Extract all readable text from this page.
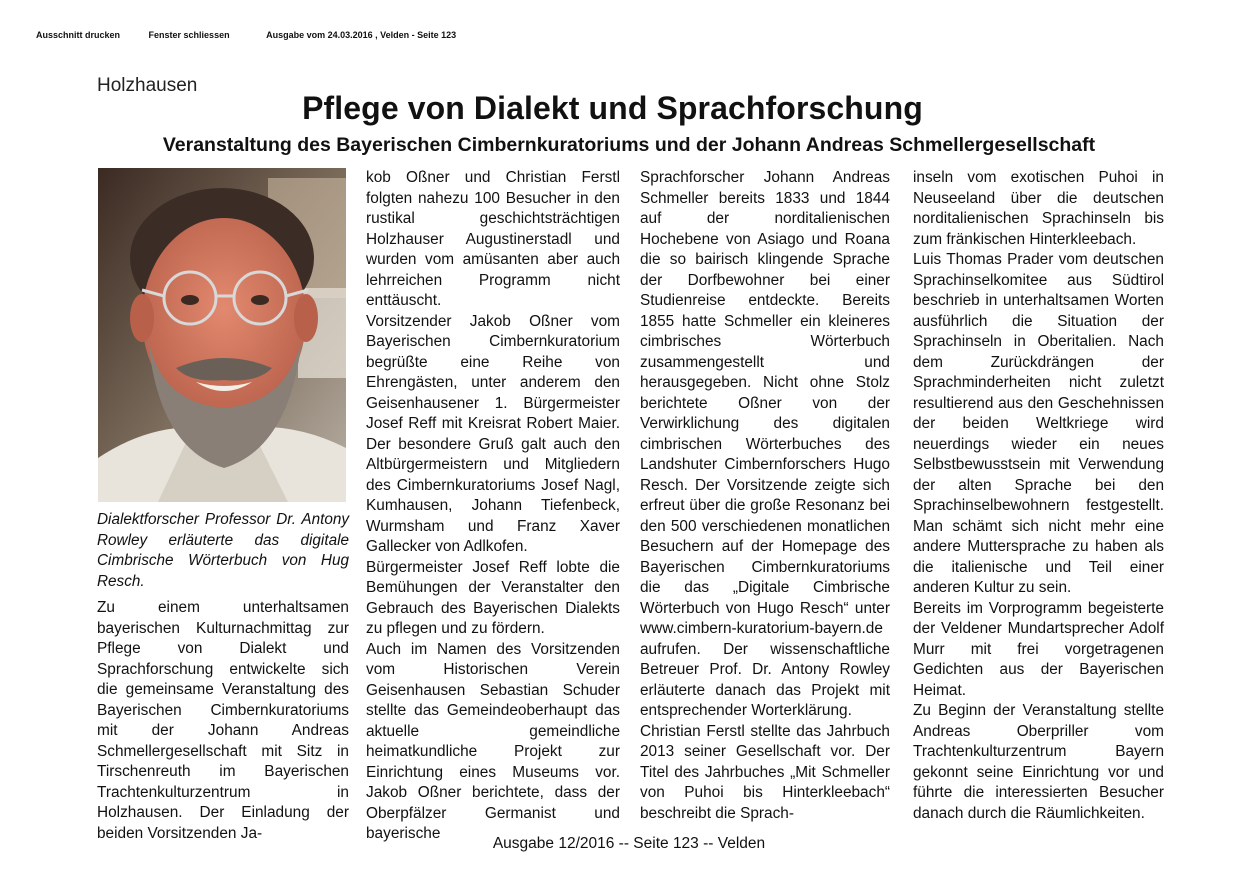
Ausschnitt drucken	Fenster schliessen	Ausgabe vom 24.03.2016 , Velden - Seite 123
Holzhausen
Pflege von Dialekt und Sprachforschung
Veranstaltung des Bayerischen Cimbernkuratoriums und der Johann Andreas Schmellergesellschaft
Dialektforscher Professor Dr. Antony Rowley erläuterte das digitale Cimbrische Wörterbuch von Hug Resch.

Zu einem unterhaltsamen bayerischen Kulturnachmittag zur Pflege von Dialekt und Sprachforschung entwickelte sich die gemeinsame Veranstaltung des Bayerischen Cimbernkuratoriums mit der Johann Andreas Schmellergesellschaft mit Sitz in Tirschenreuth im Bayerischen Trachtenkulturzentrum in Holzhausen. Der Einladung der beiden Vorsitzenden Ja-

kob Oßner und Christian Ferstl folgten nahezu 100 Besucher in den rustikal geschichtsträchtigen Holzhauser Augustinerstadl und wurden vom amüsanten aber auch lehrreichen Programm nicht enttäuscht.

Vorsitzender Jakob Oßner vom Bayerischen Cimbernkuratorium begrüßte eine Reihe von Ehrengästen, unter anderem den Geisenhausener 1. Bürgermeister Josef Reff mit Kreisrat Robert Maier. Der besondere Gruß galt auch den Altbürgermeistern und Mitgliedern des Cimbernkuratoriums Josef Nagl, Kumhausen, Johann Tiefenbeck, Wurmsham und Franz Xaver Gallecker von Adlkofen.

Bürgermeister Josef Reff lobte die Bemühungen der Veranstalter den Gebrauch des Bayerischen Dialekts zu pflegen und zu fördern.

Auch im Namen des Vorsitzenden vom Historischen Verein Geisenhausen Sebastian Schuder stellte das Gemeindeoberhaupt das aktuelle gemeindliche heimatkundliche Projekt zur Einrichtung eines Museums vor. Jakob Oßner berichtete, dass der Oberpfälzer Germanist und bayerische

Sprachforscher Johann Andreas Schmeller bereits 1833 und 1844 auf der norditalienischen Hochebene von Asiago und Roana die so bairisch klingende Sprache der Dorfbewohner bei einer Studienreise entdeckte. Bereits 1855 hatte Schmeller ein kleineres cimbrisches Wörterbuch zusammengestellt und herausgegeben. Nicht ohne Stolz berichtete Oßner von der Verwirklichung des digitalen cimbrischen Wörterbuches des Landshuter Cimbernforschers Hugo Resch. Der Vorsitzende zeigte sich erfreut über die große Resonanz bei den 500 verschiedenen monatlichen Besuchern auf der Homepage des Bayerischen Cimbernkuratoriums die das „Digitale Cimbrische Wörterbuch von Hugo Resch“ unter www.cimbern-kuratorium-bayern.de aufrufen. Der wissenschaftliche Betreuer Prof. Dr. Antony Rowley erläuterte danach das Projekt mit entsprechender Worterklärung.

Christian Ferstl stellte das Jahrbuch 2013 seiner Gesellschaft vor. Der Titel des Jahrbuches „Mit Schmeller von Puhoi bis Hinterkleebach“ beschreibt die Sprach-

inseln vom exotischen Puhoi in Neuseeland über die deutschen norditalienischen Sprachinseln bis zum fränkischen Hinterkleebach.

Luis Thomas Prader vom deutschen Sprachinselkomitee aus Südtirol beschrieb in unterhaltsamen Worten ausführlich die Situation der Sprachinseln in Oberitalien. Nach dem Zurückdrängen der Sprachminderheiten nicht zuletzt resultierend aus den Geschehnissen der beiden Weltkriege wird neuerdings wieder ein neues Selbstbewusstsein mit Verwendung der alten Sprache bei den Sprachinselbewohnern festgestellt. Man schämt sich nicht mehr eine andere Muttersprache zu haben als die italienische und Teil einer anderen Kultur zu sein.

Bereits im Vorprogramm begeisterte der Veldener Mundartsprecher Adolf Murr mit frei vorgetragenen Gedichten aus der Bayerischen Heimat.

Zu Beginn der Veranstaltung stellte Andreas Oberpriller vom Trachtenkulturzentrum Bayern gekonnt seine Einrichtung vor und führte die interessierten Besucher danach durch die Räumlichkeiten.

Ausgabe 12/2016 -- Seite 123 -- Velden
